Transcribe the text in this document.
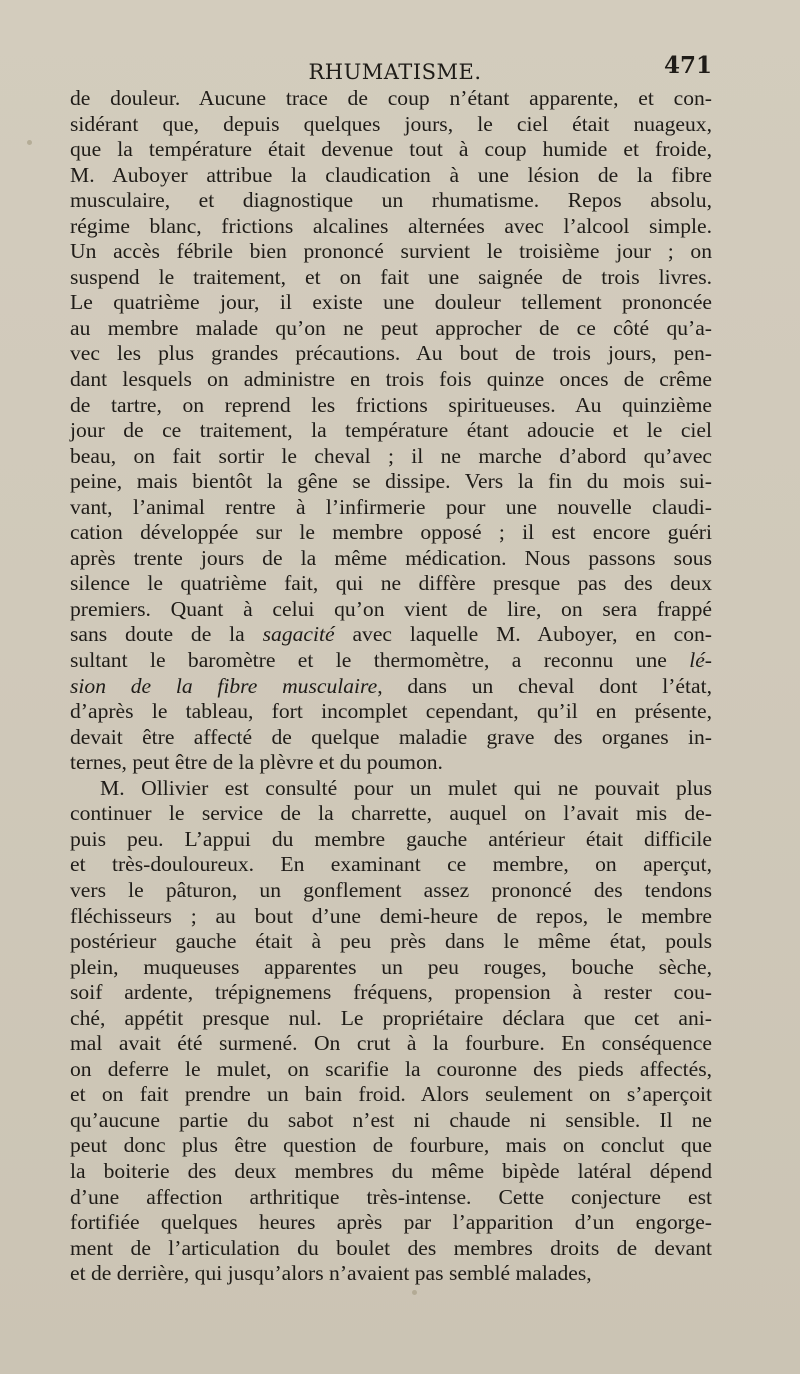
RHUMATISME.	471
de douleur. Aucune trace de coup n’étant apparente, et con-
sidérant que, depuis quelques jours, le ciel était nuageux,
que la température était devenue tout à coup humide et froide,
M. Auboyer attribue la claudication à une lésion de la fibre
musculaire, et diagnostique un rhumatisme. Repos absolu,
régime blanc, frictions alcalines alternées avec l’alcool simple.
Un accès fébrile bien prononcé survient le troisième jour ; on
suspend le traitement, et on fait une saignée de trois livres.
Le quatrième jour, il existe une douleur tellement prononcée
au membre malade qu’on ne peut approcher de ce côté qu’a-
vec les plus grandes précautions. Au bout de trois jours, pen-
dant lesquels on administre en trois fois quinze onces de crême
de tartre, on reprend les frictions spiritueuses. Au quinzième
jour de ce traitement, la température étant adoucie et le ciel
beau, on fait sortir le cheval ; il ne marche d’abord qu’avec
peine, mais bientôt la gêne se dissipe. Vers la fin du mois sui-
vant, l’animal rentre à l’infirmerie pour une nouvelle claudi-
cation développée sur le membre opposé ; il est encore guéri
après trente jours de la même médication. Nous passons sous
silence le quatrième fait, qui ne diffère presque pas des deux
premiers. Quant à celui qu’on vient de lire, on sera frappé
sans doute de la sagacité avec laquelle M. Auboyer, en con-
sultant le baromètre et le thermomètre, a reconnu une lé-
sion de la fibre musculaire, dans un cheval dont l’état,
d’après le tableau, fort incomplet cependant, qu’il en présente,
devait être affecté de quelque maladie grave des organes in-
ternes, peut être de la plèvre et du poumon.
M. Ollivier est consulté pour un mulet qui ne pouvait plus
continuer le service de la charrette, auquel on l’avait mis de-
puis peu. L’appui du membre gauche antérieur était difficile
et très-douloureux. En examinant ce membre, on aperçut,
vers le pâturon, un gonflement assez prononcé des tendons
fléchisseurs ; au bout d’une demi-heure de repos, le membre
postérieur gauche était à peu près dans le même état, pouls
plein, muqueuses apparentes un peu rouges, bouche sèche,
soif ardente, trépignemens fréquens, propension à rester cou-
ché, appétit presque nul. Le propriétaire déclara que cet ani-
mal avait été surmené. On crut à la fourbure. En conséquence
on deferre le mulet, on scarifie la couronne des pieds affectés,
et on fait prendre un bain froid. Alors seulement on s’aperçoit
qu’aucune partie du sabot n’est ni chaude ni sensible. Il ne
peut donc plus être question de fourbure, mais on conclut que
la boiterie des deux membres du même bipède latéral dépend
d’une affection arthritique très-intense. Cette conjecture est
fortifiée quelques heures après par l’apparition d’un engorge-
ment de l’articulation du boulet des membres droits de devant
et de derrière, qui jusqu’alors n’avaient pas semblé malades,
